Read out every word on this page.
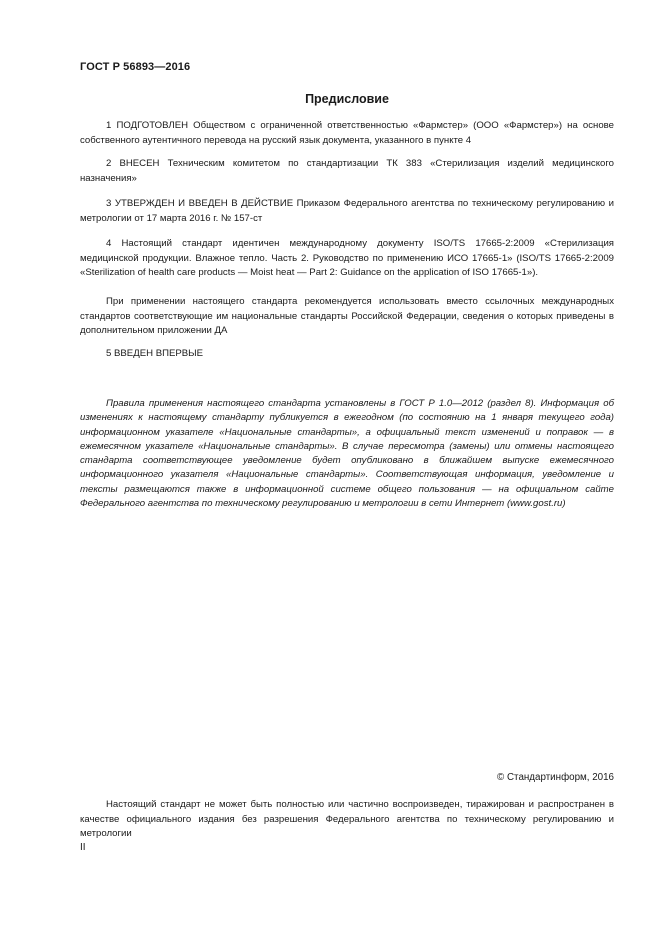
ГОСТ Р 56893—2016
Предисловие
1 ПОДГОТОВЛЕН Обществом с ограниченной ответственностью «Фармстер» (ООО «Фармстер») на основе собственного аутентичного перевода на русский язык документа, указанного в пункте 4
2 ВНЕСЕН Техническим комитетом по стандартизации ТК 383 «Стерилизация изделий медицинского назначения»
3 УТВЕРЖДЕН И ВВЕДЕН В ДЕЙСТВИЕ Приказом Федерального агентства по техническому регулированию и метрологии от 17 марта 2016 г. № 157-ст
4 Настоящий стандарт идентичен международному документу ISO/TS 17665-2:2009 «Стерилизация медицинской продукции. Влажное тепло. Часть 2. Руководство по применению ИСО 17665-1» (ISO/TS 17665-2:2009 «Sterilization of health care products — Moist heat — Part 2: Guidance on the application of ISO 17665-1»).
При применении настоящего стандарта рекомендуется использовать вместо ссылочных международных стандартов соответствующие им национальные стандарты Российской Федерации, сведения о которых приведены в дополнительном приложении ДА
5 ВВЕДЕН ВПЕРВЫЕ
Правила применения настоящего стандарта установлены в ГОСТ Р 1.0—2012 (раздел 8). Информация об изменениях к настоящему стандарту публикуется в ежегодном (по состоянию на 1 января текущего года) информационном указателе «Национальные стандарты», а официальный текст изменений и поправок — в ежемесячном указателе «Национальные стандарты». В случае пересмотра (замены) или отмены настоящего стандарта соответствующее уведомление будет опубликовано в ближайшем выпуске ежемесячного информационного указателя «Национальные стандарты». Соответствующая информация, уведомление и тексты размещаются также в информационной системе общего пользования — на официальном сайте Федерального агентства по техническому регулированию и метрологии в сети Интернет (www.gost.ru)
© Стандартинформ, 2016
Настоящий стандарт не может быть полностью или частично воспроизведен, тиражирован и распространен в качестве официального издания без разрешения Федерального агентства по техническому регулированию и метрологии
II
